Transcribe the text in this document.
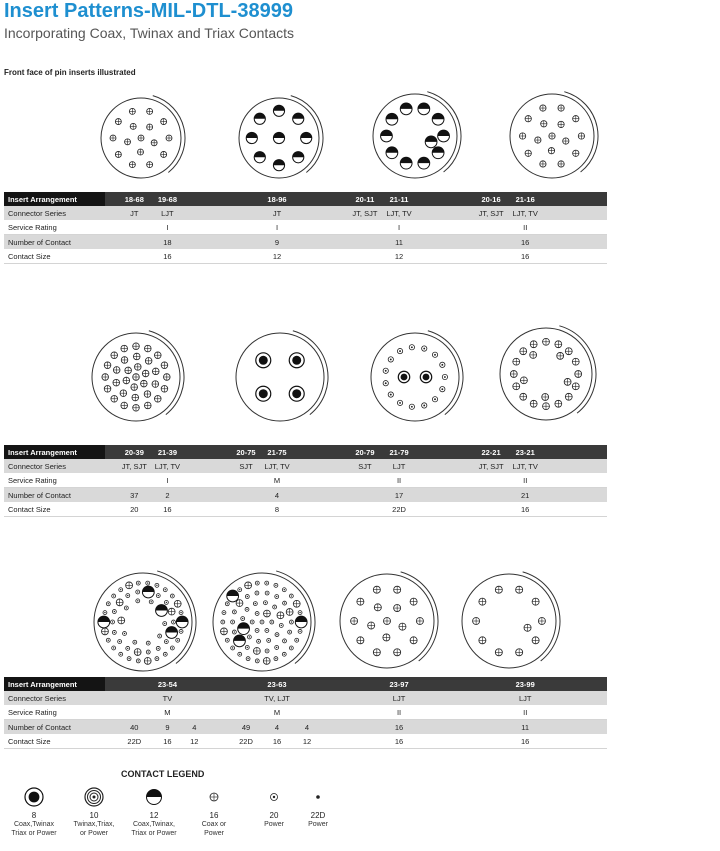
Insert Patterns-MIL-DTL-38999
Incorporating Coax, Twinax and Triax Contacts
Front face of pin inserts illustrated
Insert Arrangement		18-68	19-68				18-96			20-11	21-11			20-16	21-16	
Connector Series		JT	LJT				JT			JT, SJT	LJT, TV			JT, SJT	LJT, TV	
Service Rating			I				I				I				II	
Number of Contact			18				9				11				16	
Contact Size			16				12				12				16	
Insert Arrangement		20-39	21-39			20-75	21-75			20-79	21-79			22-21	23-21	
Connector Series		JT, SJT	LJT, TV			SJT	LJT, TV			SJT	LJT			JT, SJT	LJT, TV	
Service Rating			I				M				II				II	
Number of Contact		37	2				4				17				21	
Contact Size		20	16				8				22D				16	
Insert Arrangement			23-54				23-63				23-97				23-99	
Connector Series			TV				TV, LJT				LJT				LJT	
Service Rating			M				M				II				II	
Number of Contact		40	9	4		49	4	4			16				11	
Contact Size		22D	16	12		22D	16	12			16				16	
CONTACT LEGEND
8
Coax,Twinax
Triax or Power
10
Twinax,Triax,
or Power
12
Coax,Twinax,
Triax or Power
16
Coax or
Power
20
Power
22D
Power
